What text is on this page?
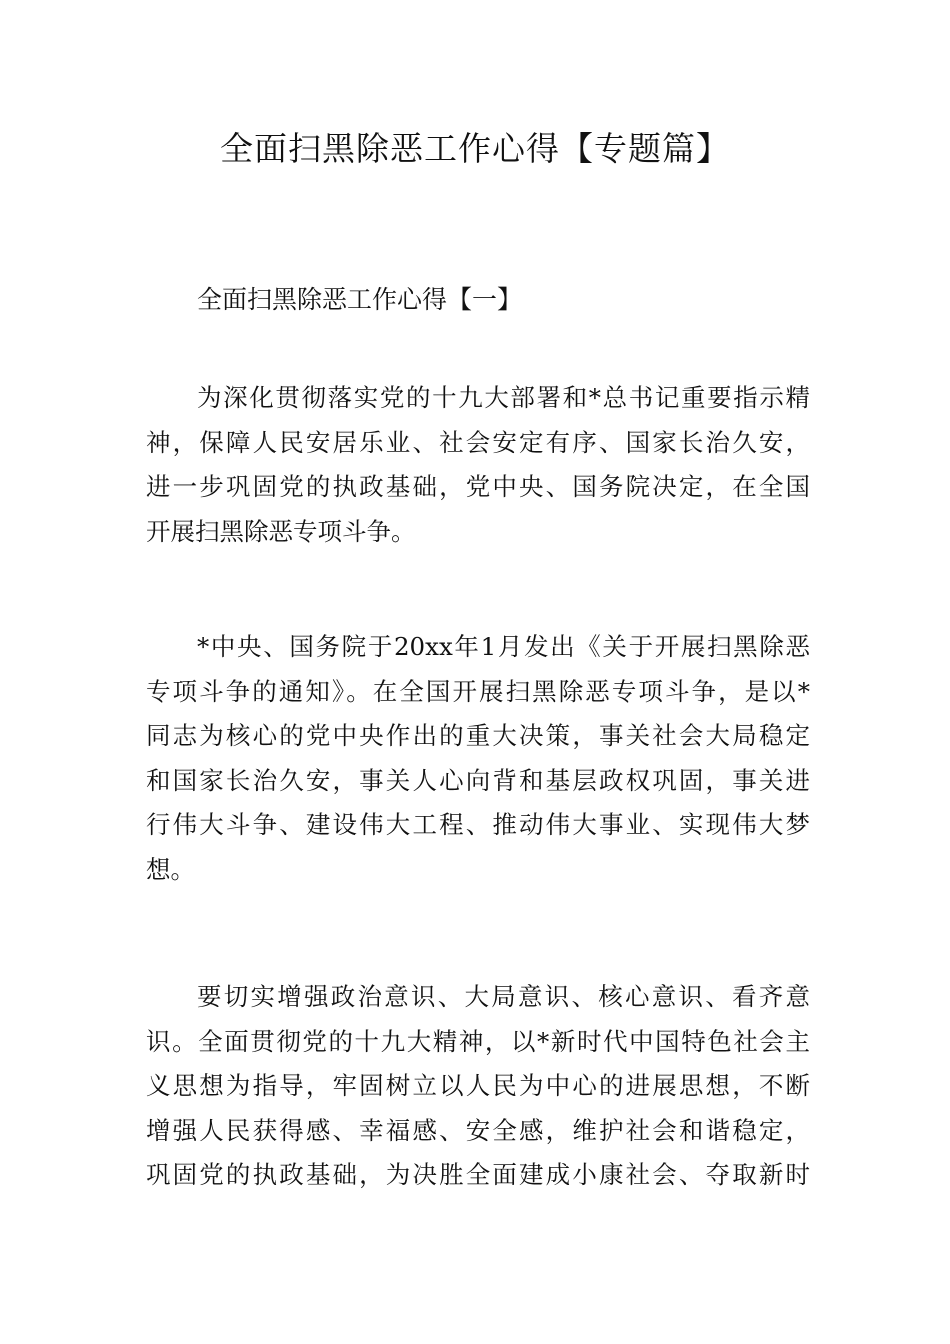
全面扫黑除恶工作心得【专题篇】
全面扫黑除恶工作心得【一】

为深化贯彻落实党的十九大部署和*总书记重要指示精
神，保障人民安居乐业、社会安定有序、国家长治久安，
进一步巩固党的执政基础，党中央、国务院决定，在全国
开展扫黑除恶专项斗争。

*中央、国务院于20xx年1月发出《关于开展扫黑除恶
专项斗争的通知》。在全国开展扫黑除恶专项斗争，是以*
同志为核心的党中央作出的重大决策，事关社会大局稳定
和国家长治久安，事关人心向背和基层政权巩固，事关进
行伟大斗争、建设伟大工程、推动伟大事业、实现伟大梦
想。

要切实增强政治意识、大局意识、核心意识、看齐意
识。全面贯彻党的十九大精神，以*新时代中国特色社会主
义思想为指导，牢固树立以人民为中心的进展思想，不断
增强人民获得感、幸福感、安全感，维护社会和谐稳定，
巩固党的执政基础，为决胜全面建成小康社会、夺取新时
